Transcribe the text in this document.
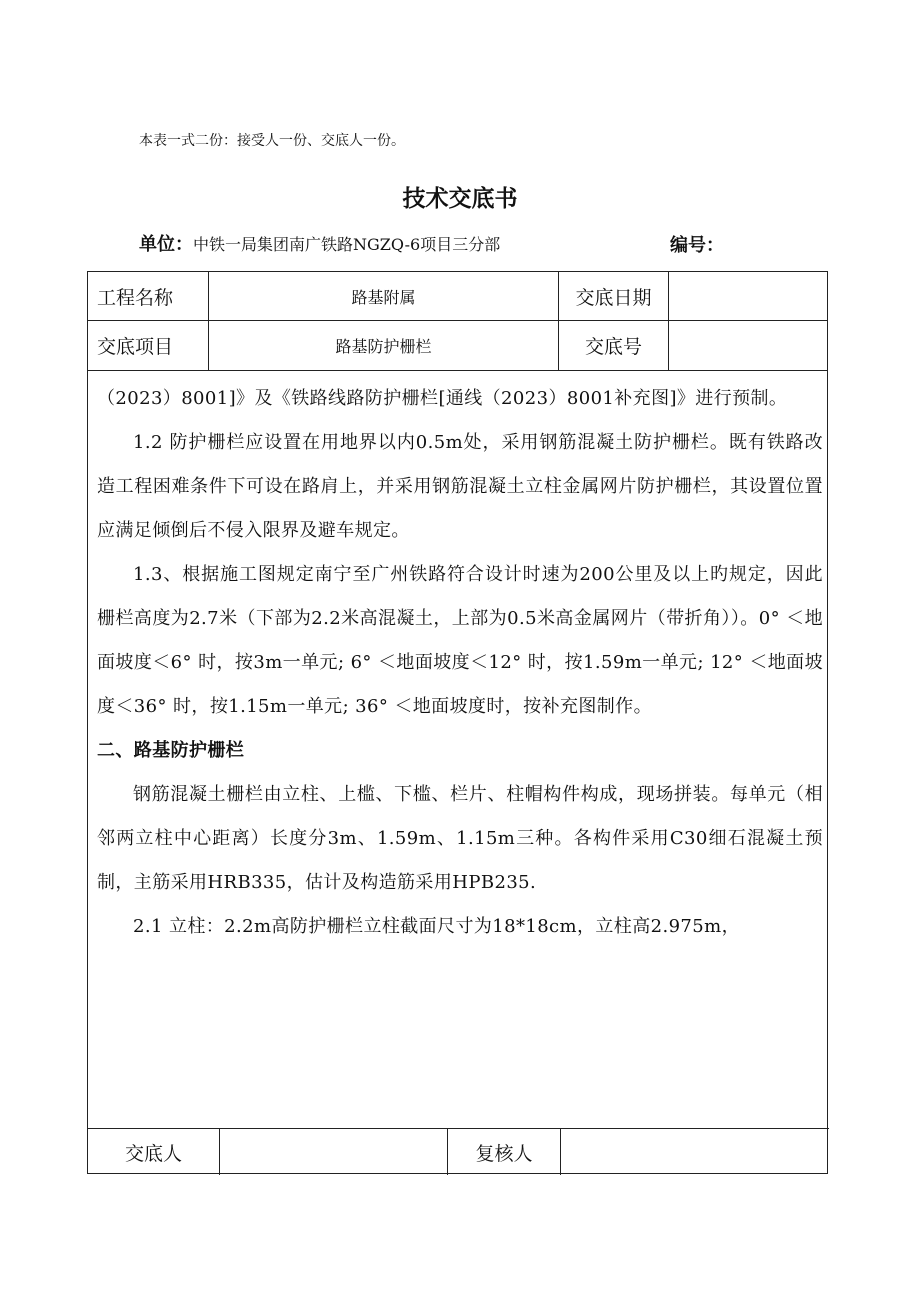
本表一式二份：接受人一份、交底人一份。
技术交底书
单位：中铁一局集团南广铁路NGZQ-6项目三分部	编号：
工程名称	路基附属	交底日期
交底项目	路基防护栅栏	交底号
交底人	复核人

（2023）8001]》及《铁路线路防护栅栏[通线（2023）8001补充图]》进行预制。

1.2 防护栅栏应设置在用地界以内0.5m处，采用钢筋混凝土防护栅栏。既有铁路改造工程困难条件下可设在路肩上，并采用钢筋混凝土立柱金属网片防护栅栏，其设置位置应满足倾倒后不侵入限界及避车规定。

1.3、根据施工图规定南宁至广州铁路符合设计时速为200公里及以上旳规定，因此栅栏高度为2.7米（下部为2.2米高混凝土，上部为0.5米高金属网片（带折角））。0° ＜地面坡度＜6° 时，按3m一单元; 6° ＜地面坡度＜12° 时，按1.59m一单元; 12° ＜地面坡度＜36° 时，按1.15m一单元; 36° ＜地面坡度时，按补充图制作。

二、路基防护栅栏

钢筋混凝土栅栏由立柱、上槛、下槛、栏片、柱帽构件构成，现场拼装。每单元（相邻两立柱中心距离）长度分3m、1.59m、1.15m三种。各构件采用C30细石混凝土预制，主筋采用HRB335，估计及构造筋采用HPB235.

2.1 立柱：2.2m高防护栅栏立柱截面尺寸为18*18cm，立柱高2.975m，
